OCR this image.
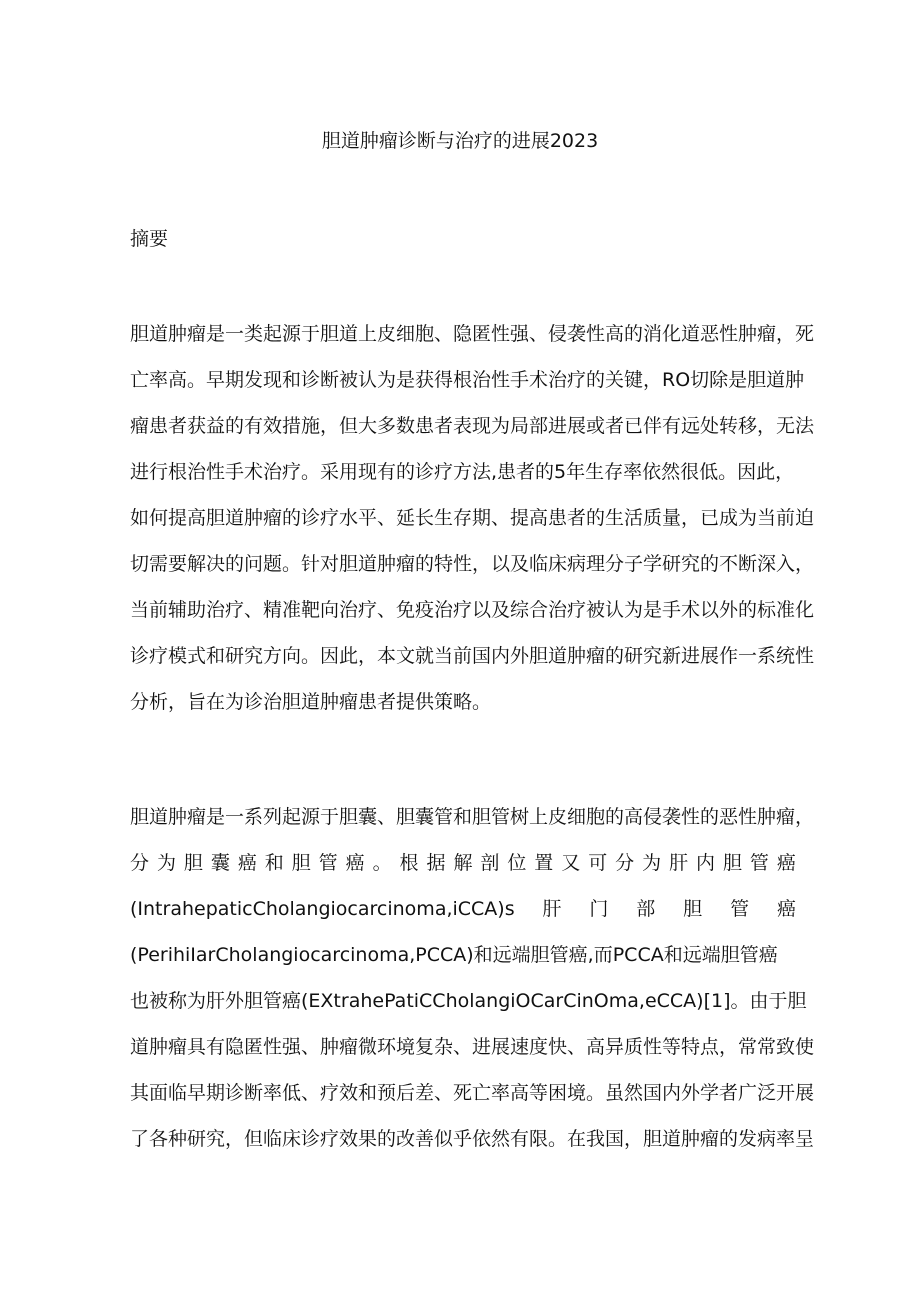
胆道肿瘤诊断与治疗的进展2023
摘要
胆道肿瘤是一类起源于胆道上皮细胞、隐匿性强、侵袭性高的消化道恶性肿瘤，死
亡率高。早期发现和诊断被认为是获得根治性手术治疗的关键，RO切除是胆道肿
瘤患者获益的有效措施，但大多数患者表现为局部进展或者已伴有远处转移，无法
进行根治性手术治疗。采用现有的诊疗方法,患者的5年生存率依然很低。因此，
如何提高胆道肿瘤的诊疗水平、延长生存期、提高患者的生活质量，已成为当前迫
切需要解决的问题。针对胆道肿瘤的特性，以及临床病理分子学研究的不断深入，
当前辅助治疗、精准靶向治疗、免疫治疗以及综合治疗被认为是手术以外的标准化
诊疗模式和研究方向。因此，本文就当前国内外胆道肿瘤的研究新进展作一系统性
分析，旨在为诊治胆道肿瘤患者提供策略。
胆道肿瘤是一系列起源于胆囊、胆囊管和胆管树上皮细胞的高侵袭性的恶性肿瘤，
分 为 胆 囊 癌 和 胆 管 癌 。 根 据 解 剖 位 置 又 可 分 为 肝 内 胆 管 癌
(IntrahepaticCholangiocarcinoma,iCCA)s 肝 门 部 胆 管 癌
(PerihiIarCholangiocarcinoma,PCCA)和远端胆管癌,而PCCA和远端胆管癌
也被称为肝外胆管癌(EXtrahePatiCCholangiOCarCinOma,eCCA)[1]。由于胆
道肿瘤具有隐匿性强、肿瘤微环境复杂、进展速度快、高异质性等特点，常常致使
其面临早期诊断率低、疗效和预后差、死亡率高等困境。虽然国内外学者广泛开展
了各种研究，但临床诊疗效果的改善似乎依然有限。在我国，胆道肿瘤的发病率呈
